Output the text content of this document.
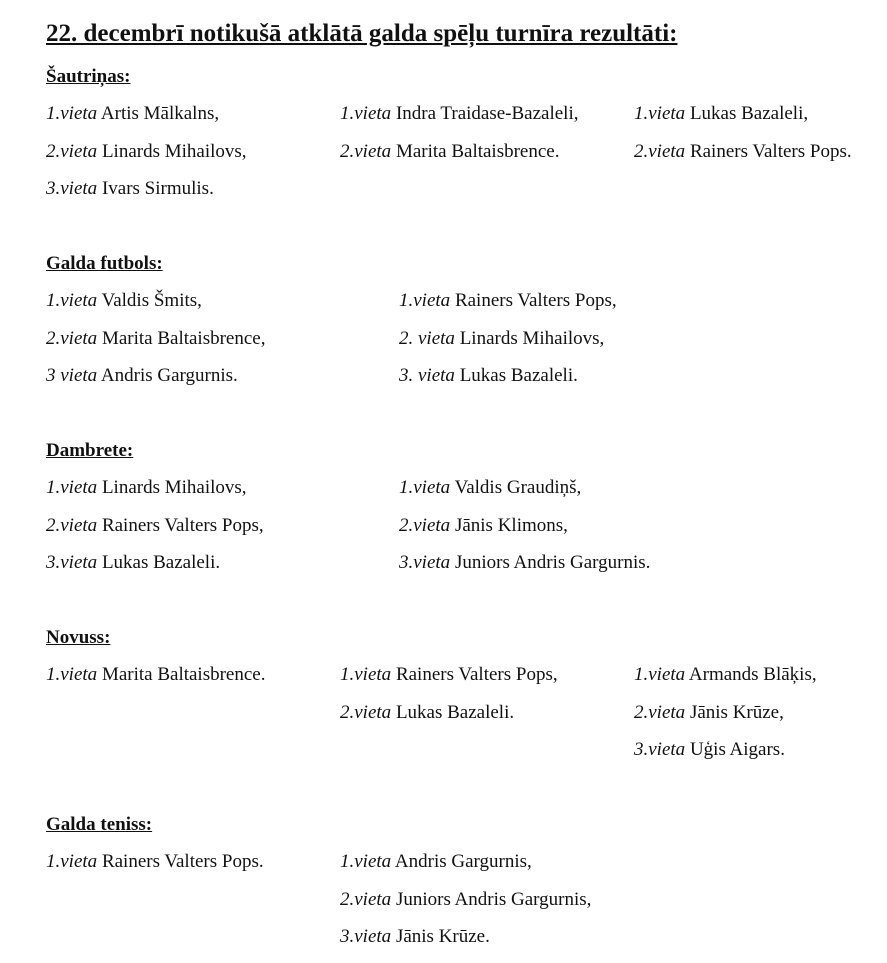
22. decembrī notikušā atklātā galda spēļu turnīra rezultāti:
Šautriņas:
1.vieta Artis Mālkalns,
2.vieta Linards Mihailovs,
3.vieta Ivars Sirmulis.
1.vieta Indra Traidase-Bazaleli,
2.vieta Marita Baltaisbrence.
1.vieta Lukas Bazaleli,
2.vieta Rainers Valters Pops.
Galda futbols:
1.vieta Valdis Šmits,
2.vieta Marita Baltaisbrence,
3 vieta Andris Gargurnis.
1.vieta Rainers Valters Pops,
2. vieta Linards Mihailovs,
3. vieta Lukas Bazaleli.
Dambrete:
1.vieta Linards Mihailovs,
2.vieta Rainers Valters Pops,
3.vieta Lukas Bazaleli.
1.vieta Valdis Graudiņš,
2.vieta Jānis Klimons,
3.vieta Juniors Andris Gargurnis.
Novuss:
1.vieta Marita Baltaisbrence.	1.vieta Rainers Valters Pops,
2.vieta Lukas Bazaleli.
1.vieta Armands Blāķis,
2.vieta Jānis Krūze,
3.vieta Uģis Aigars.
Galda teniss:
1.vieta Rainers Valters Pops.	1.vieta Andris Gargurnis,
2.vieta Juniors Andris Gargurnis,
3.vieta Jānis Krūze.
